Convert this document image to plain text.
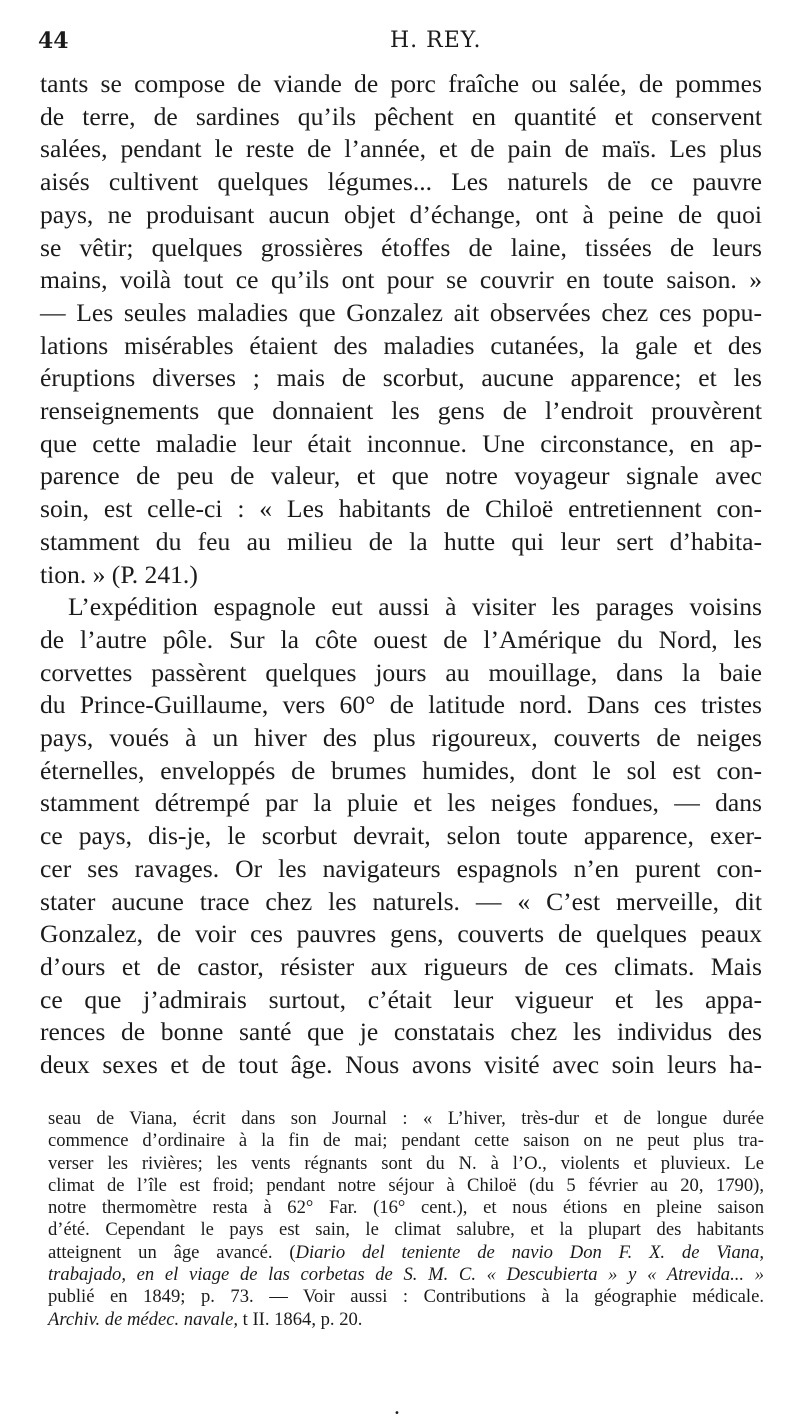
44	H. REY.

tants se compose de viande de porc fraîche ou salée, de pommes

de terre, de sardines qu’ils pêchent en quantité et conservent

salées, pendant le reste de l’année, et de pain de maïs. Les plus

aisés cultivent quelques légumes... Les naturels de ce pauvre

pays, ne produisant aucun objet d’échange, ont à peine de quoi

se vêtir; quelques grossières étoffes de laine, tissées de leurs

mains, voilà tout ce qu’ils ont pour se couvrir en toute saison. »

— Les seules maladies que Gonzalez ait observées chez ces popu-

lations misérables étaient des maladies cutanées, la gale et des

éruptions diverses ; mais de scorbut, aucune apparence; et les

renseignements que donnaient les gens de l’endroit prouvèrent

que cette maladie leur était inconnue. Une circonstance, en ap-

parence de peu de valeur, et que notre voyageur signale avec

soin, est celle-ci : « Les habitants de Chiloë entretiennent con-

stamment du feu au milieu de la hutte qui leur sert d’habita-

tion. » (P. 241.)

L’expédition espagnole eut aussi à visiter les parages voisins

de l’autre pôle. Sur la côte ouest de l’Amérique du Nord, les

corvettes passèrent quelques jours au mouillage, dans la baie

du Prince-Guillaume, vers 60° de latitude nord. Dans ces tristes

pays, voués à un hiver des plus rigoureux, couverts de neiges

éternelles, enveloppés de brumes humides, dont le sol est con-

stamment détrempé par la pluie et les neiges fondues, — dans

ce pays, dis-je, le scorbut devrait, selon toute apparence, exer-

cer ses ravages. Or les navigateurs espagnols n’en purent con-

stater aucune trace chez les naturels. — « C’est merveille, dit

Gonzalez, de voir ces pauvres gens, couverts de quelques peaux

d’ours et de castor, résister aux rigueurs de ces climats. Mais

ce que j’admirais surtout, c’était leur vigueur et les appa-

rences de bonne santé que je constatais chez les individus des

deux sexes et de tout âge. Nous avons visité avec soin leurs ha-

seau de Viana, écrit dans son Journal : « L’hiver, très-dur et de longue durée

commence d’ordinaire à la fin de mai; pendant cette saison on ne peut plus tra-

verser les rivières; les vents régnants sont du N. à l’O., violents et pluvieux. Le

climat de l’île est froid; pendant notre séjour à Chiloë (du 5 février au 20, 1790),

notre thermomètre resta à 62° Far. (16° cent.), et nous étions en pleine saison

d’été. Cependant le pays est sain, le climat salubre, et la plupart des habitants

atteignent un âge avancé. (Diario del teniente de navio Don F. X. de Viana,

trabajado, en el viage de las corbetas de S. M. C. « Descubierta » y « Atrevida... »

publié en 1849; p. 73. — Voir aussi : Contributions à la géographie médicale.

Archiv. de médec. navale, t II. 1864, p. 20.

•
